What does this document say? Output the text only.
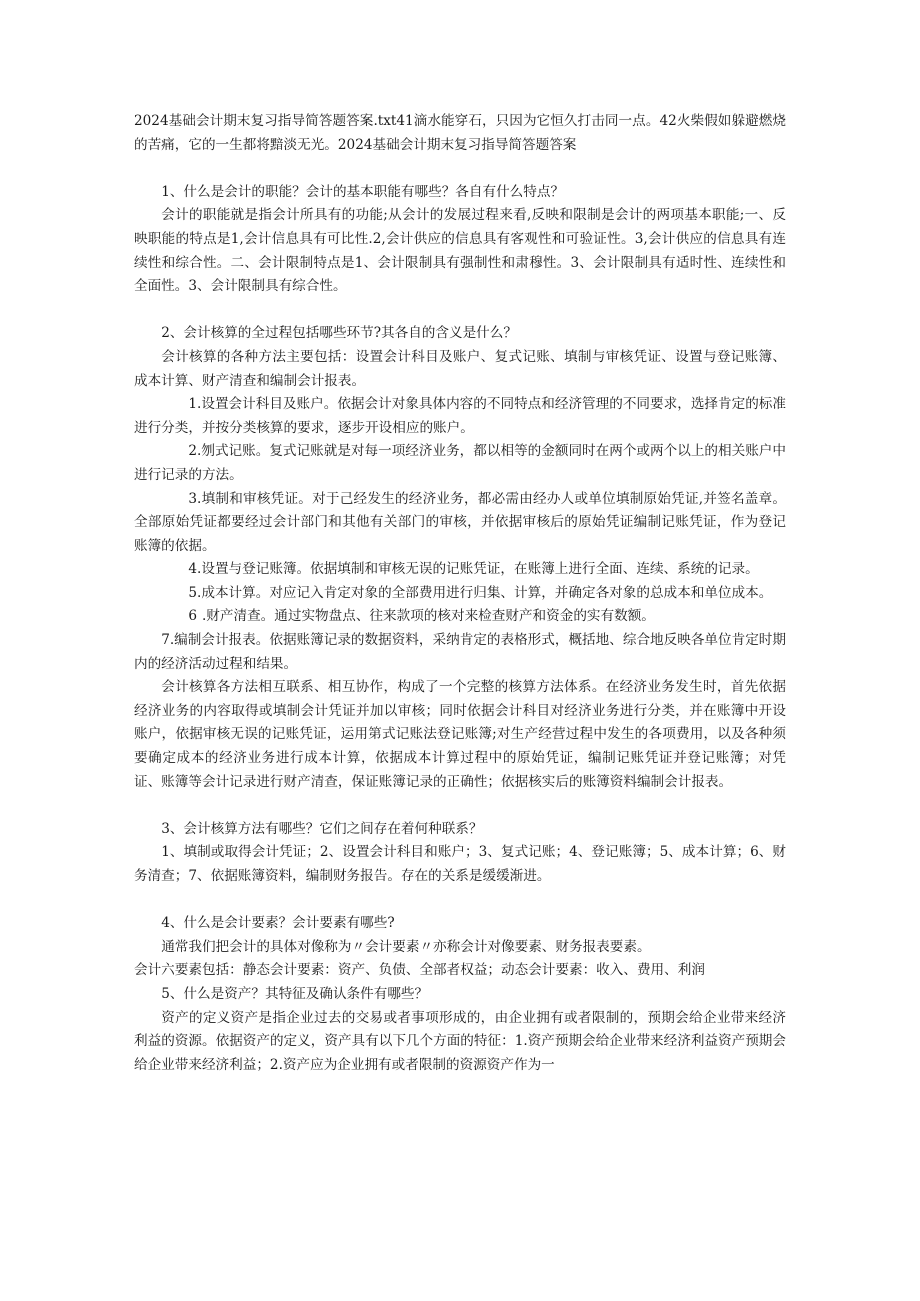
2024基础会计期末复习指导简答题答案.txt41滴水能穿石，只因为它恒久打击同一点。42火柴假如躲避燃烧的苦痛，它的一生都将黯淡无光。2024基础会计期末复习指导简答题答案

1、什么是会计的职能？会计的基本职能有哪些？各自有什么特点？

会计的职能就是指会计所具有的功能;从会计的发展过程来看,反映和限制是会计的两项基本职能;一、反映职能的特点是1,会计信息具有可比性.2,会计供应的信息具有客观性和可验证性。3,会计供应的信息具有连续性和综合性。二、会计限制特点是1、会计限制具有强制性和肃穆性。3、会计限制具有适时性、连续性和全面性。3、会计限制具有综合性。

2、会计核算的全过程包括哪些环节?其各自的含义是什么？

会计核算的各种方法主要包括：设置会计科目及账户、复式记账、填制与审核凭证、设置与登记账簿、成本计算、财产清查和编制会计报表。

1.设置会计科目及账户。依据会计对象具体内容的不同特点和经济管理的不同要求，选择肯定的标准进行分类，并按分类核算的要求，逐步开设相应的账户。

2.刎式记账。复式记账就是对每一项经济业务，都以相等的金额同时在两个或两个以上的相关账户中进行记录的方法。

3.填制和审核凭证。对于己经发生的经济业务，都必需由经办人或单位填制原始凭证,并签名盖章。全部原始凭证都要经过会计部门和其他有关部门的审核，并依据审核后的原始凭证编制记账凭证，作为登记账簿的依据。

4.设置与登记账簿。依据填制和审核无误的记账凭证，在账簿上进行全面、连续、系统的记录。

5.成本计算。对应记入肯定对象的全部费用进行归集、计算，并确定各对象的总成本和单位成本。

6 .财产清查。通过实物盘点、往来款项的核对来检查财产和资金的实有数额。

7.编制会计报表。依据账簿记录的数据资料，采纳肯定的表格形式，概括地、综合地反映各单位肯定时期内的经济活动过程和结果。

会计核算各方法相互联系、相互协作，构成了一个完整的核算方法体系。在经济业务发生时，首先依据经济业务的内容取得或填制会计凭证并加以审核；同时依据会计科目对经济业务进行分类，并在账簿中开设账户，依据审核无误的记账凭证，运用第式记账法登记账簿;对生产经营过程中发生的各项费用，以及各种须要确定成本的经济业务进行成本计算，依据成本计算过程中的原始凭证，编制记账凭证并登记账簿；对凭证、账簿等会计记录进行财产清查，保证账簿记录的正确性；依据核实后的账簿资料编制会计报表。

3、会计核算方法有哪些？它们之间存在着何种联系？

1、填制或取得会计凭证；2、设置会计科目和账户；3、复式记账；4、登记账簿；5、成本计算；6、财务清查；7、依据账簿资料，编制财务报告。存在的关系是缓缓渐进。

4、什么是会计要素？会计要素有哪些?

通常我们把会计的具体对像称为〃会计要素〃亦称会计对像要素、财务报表要素。

会计六要素包括：静态会计要素：资产、负债、全部者权益；动态会计要素：收入、费用、利润

5、什么是资产？其特征及确认条件有哪些？

资产的定义资产是指企业过去的交易或者事项形成的，由企业拥有或者限制的，预期会给企业带来经济利益的资源。依据资产的定义，资产具有以下几个方面的特征：1.资产预期会给企业带来经济利益资产预期会给企业带来经济利益；2.资产应为企业拥有或者限制的资源资产作为一
